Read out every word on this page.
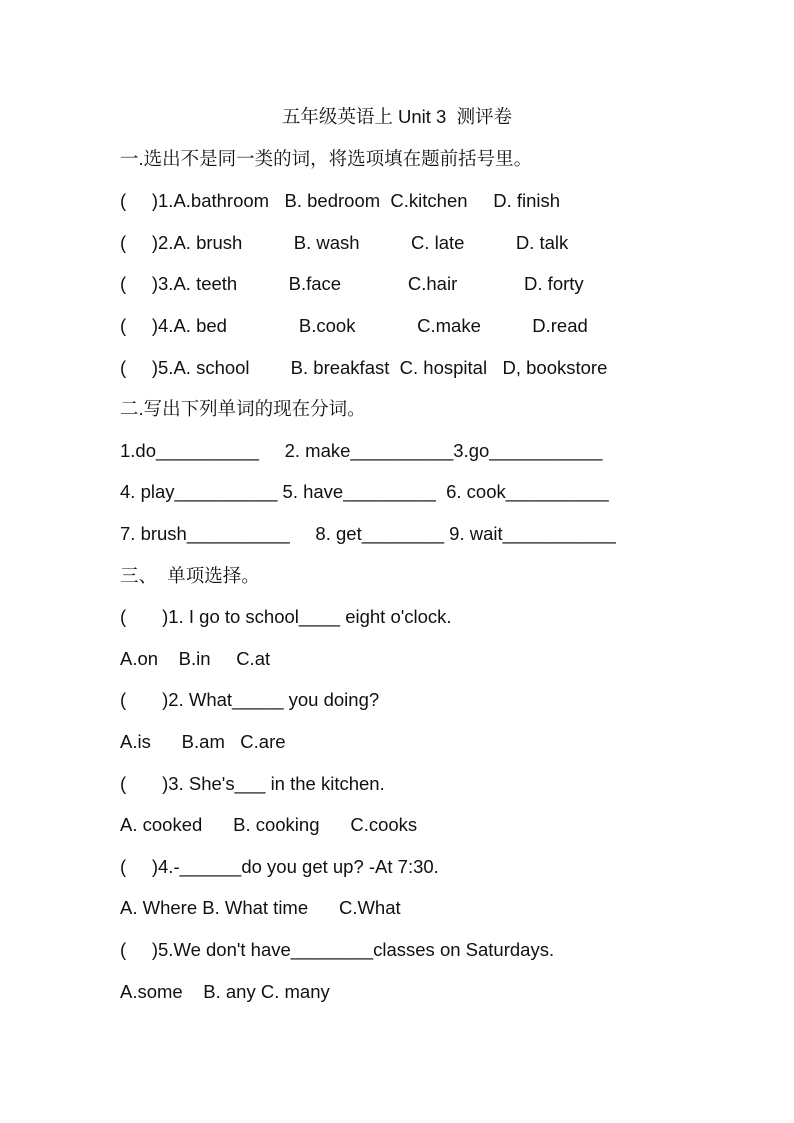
五年级英语上 Unit 3  测评卷
一.选出不是同一类的词，将选项填在题前括号里。
(     )1.A.bathroom   B. bedroom  C.kitchen     D. finish
(     )2.A. brush          B. wash          C. late          D. talk
(     )3.A. teeth          B.face             C.hair             D. forty
(     )4.A. bed              B.cook            C.make          D.read
(     )5.A. school        B. breakfast  C. hospital   D, bookstore
二.写出下列单词的现在分词。
1.do__________     2. make__________3.go___________
4. play__________ 5. have_________  6. cook__________
7. brush__________     8. get________ 9. wait___________
三、  单项选择。
(       )1. I go to school____ eight o'clock.
A.on    B.in     C.at
(       )2. What_____ you doing?
A.is      B.am   C.are
(       )3. She's___ in the kitchen.
A. cooked      B. cooking      C.cooks
(     )4.-______do you get up? -At 7:30.
A. Where B. What time      C.What
(     )5.We don't have________classes on Saturdays.
A.some    B. any C. many
